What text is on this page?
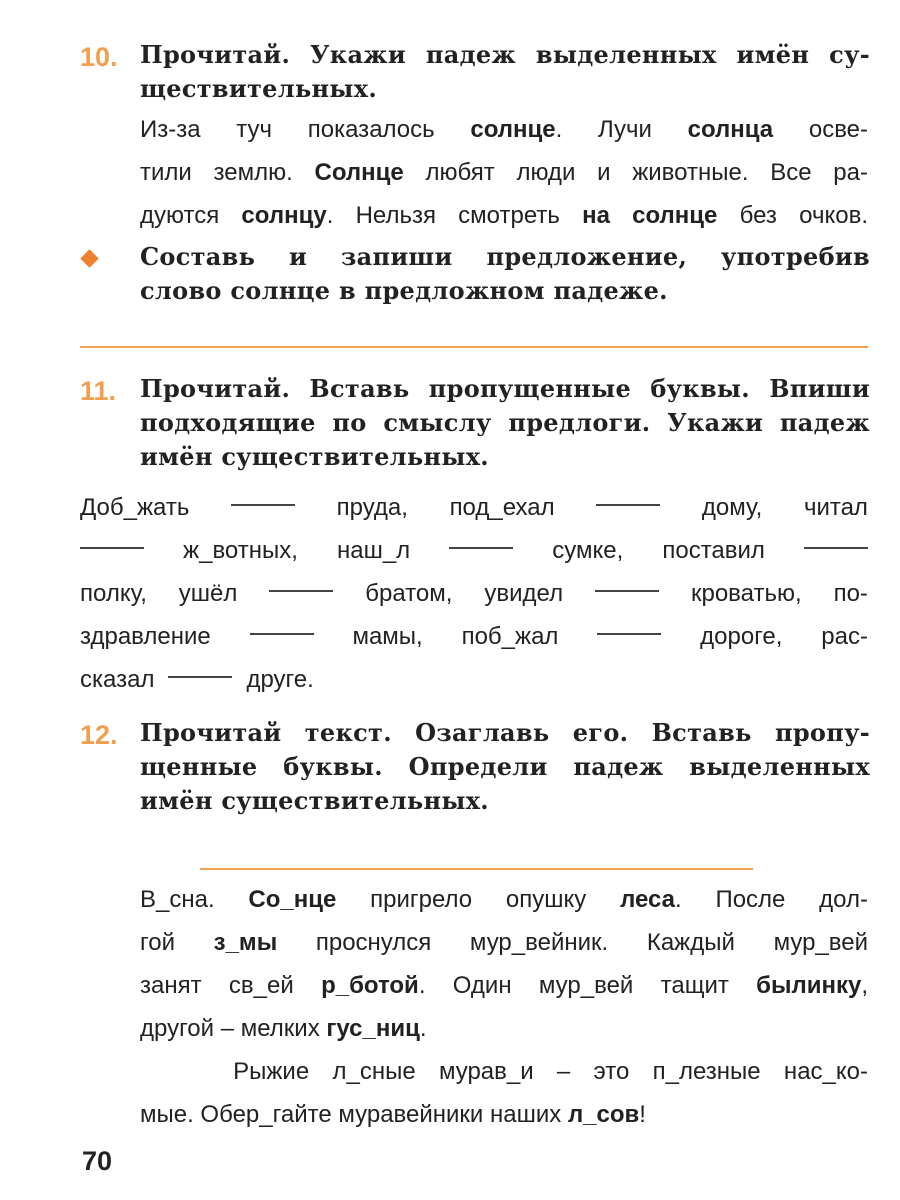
10. Прочитай. Укажи падеж выделенных имён су-
ществительных.
Из-за туч показалось солнце. Лучи солнца осве-
тили землю. Солнце любят люди и животные. Все ра-
дуются солнцу. Нельзя смотреть на солнце без очков.
Составь и запиши предложение, употребив
слово солнце в предложном падеже.
11. Прочитай. Вставь пропущенные буквы. Впиши
подходящие по смыслу предлоги. Укажи падеж
имён существительных.
Доб_жать	пруда, под_ехал	дому, читал
ж_вотных, наш_л	сумке, поставил
полку, ушёл	братом, увидел	кроватью, по-
здравление	мамы, поб_жал	дороге, рас-
сказал	друге.
12. Прочитай текст. Озаглавь его. Вставь пропу-
щенные буквы. Определи падеж выделенных
имён существительных.
В_сна. Со_нце пригрело опушку леса. После дол-
гой з_мы проснулся мур_вейник. Каждый мур_вей
занят св_ей р_ботой. Один мур_вей тащит былинку,
другой – мелких гус_ниц.
Рыжие л_сные мурав_и – это п_лезные нас_ко-
мые. Обер_гайте муравейники наших л_сов!
70
